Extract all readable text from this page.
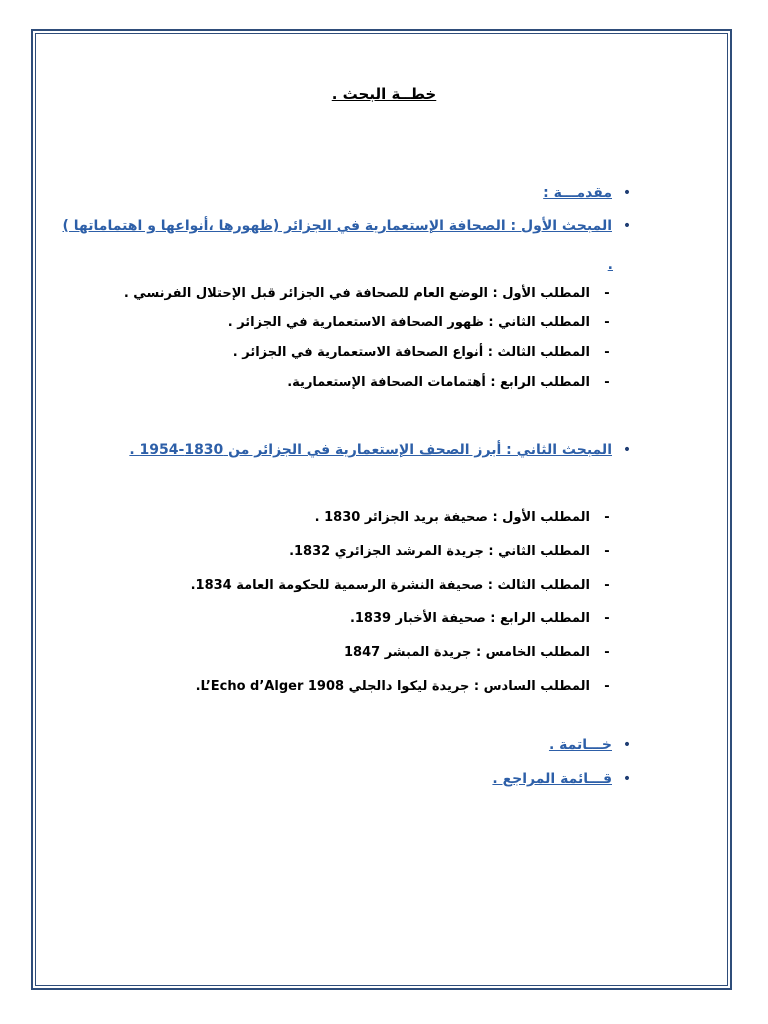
خطــة البحث .
•
مقدمـــة :
•
المبحث الأول : الصحافة الإستعمارية في الجزائر (ظهورها ،أنواعها و اهتماماتها )
.
-
المطلب الأول : الوضع العام للصحافة في الجزائر قبل الإحتلال الفرنسي .
-
المطلب الثاني : ظهور الصحافة الاستعمارية في الجزائر .
-
المطلب الثالث : أنواع الصحافة الاستعمارية في الجزائر .
-
المطلب الرابع : أهتمامات الصحافة الإستعمارية.
•
المبحث الثاني : أبرز الصحف الإستعمارية في الجزائر من 1830-1954 .
-
المطلب الأول : صحيفة بريد الجزائر 1830 .
-
المطلب الثاني : جريدة المرشد الجزائري 1832.
-
المطلب الثالث : صحيفة النشرة الرسمية للحكومة العامة 1834.
-
المطلب الرابع : صحيفة الأخبار 1839.
-
المطلب الخامس : جريدة المبشر 1847
-
المطلب السادس : جريدة ليكوا دالجلي L’Echo d’Alger 1908.
•
خـــاتمة .
•
قـــائمة المراجع .
